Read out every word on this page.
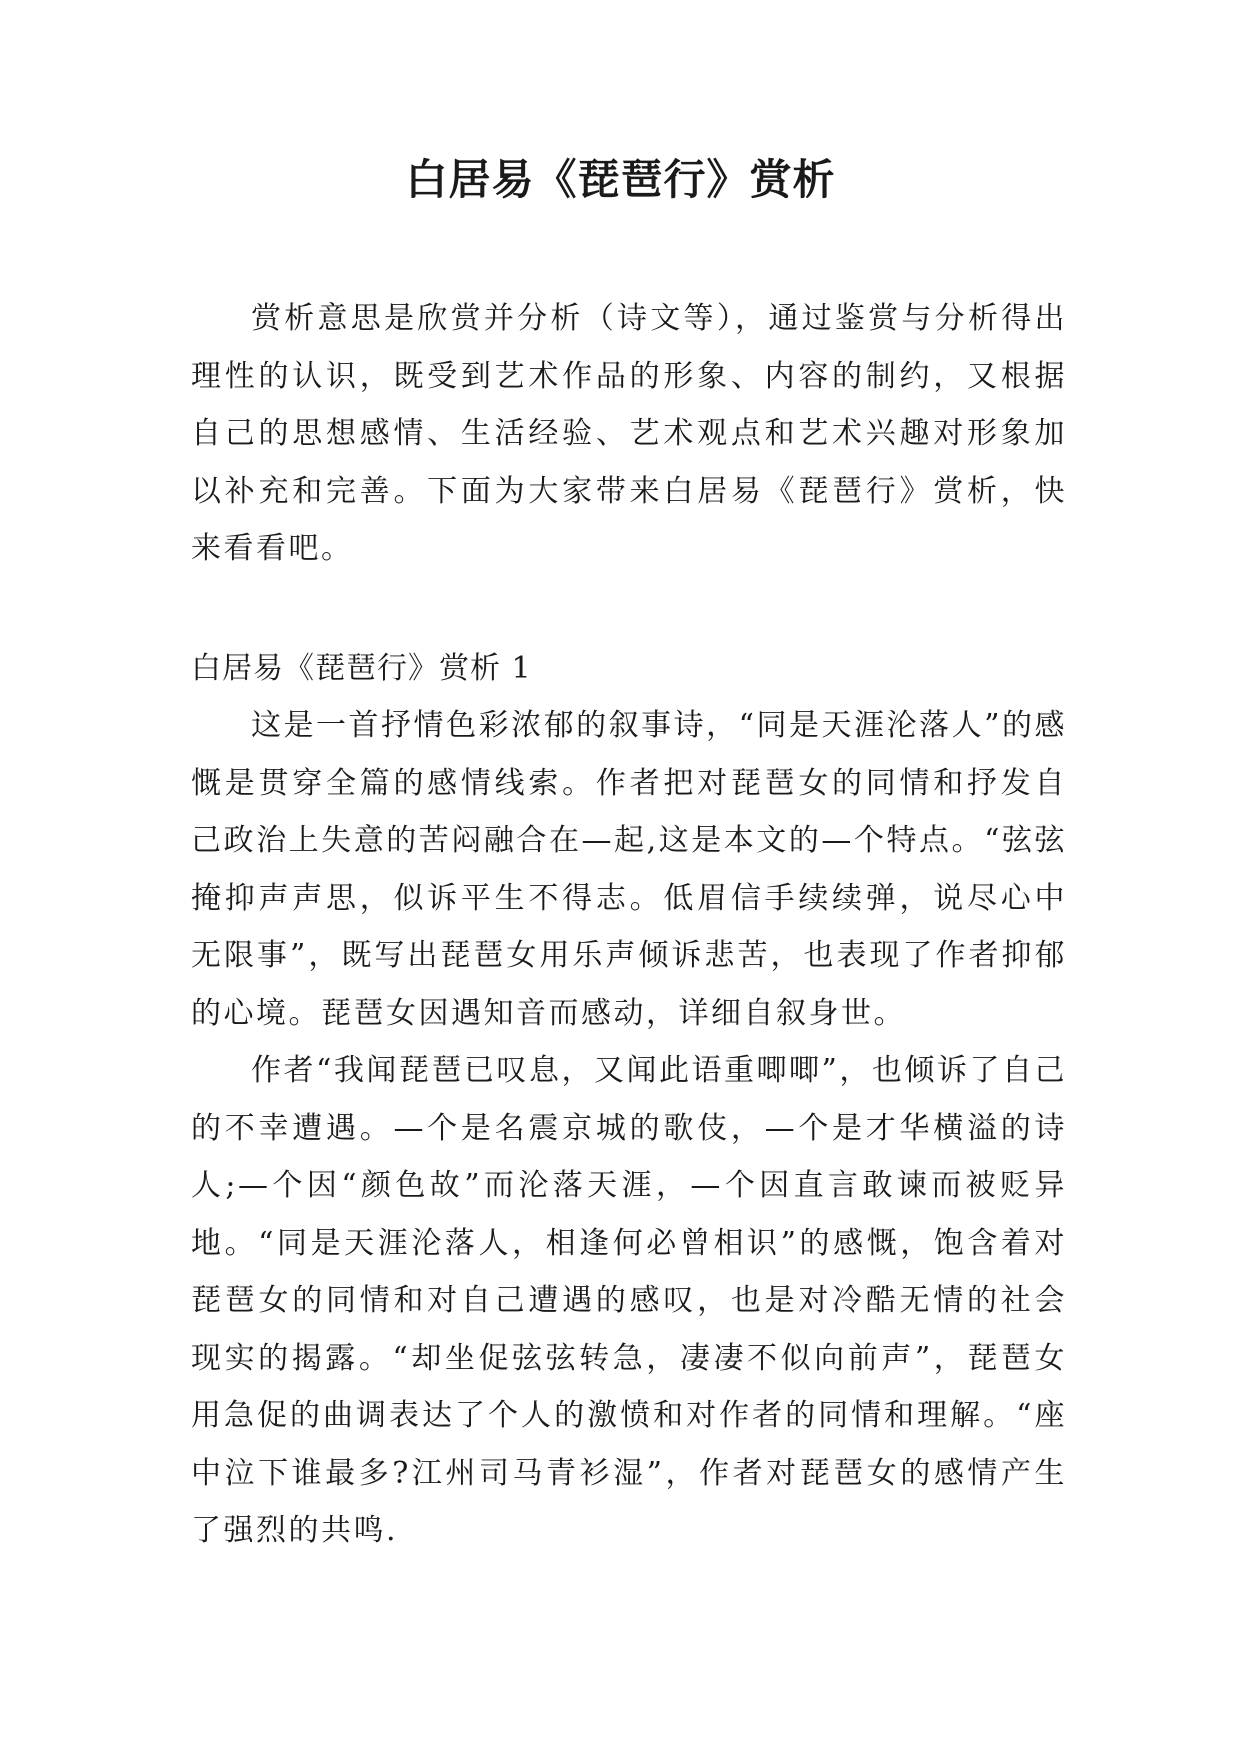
白居易《琵琶行》赏析

赏析意思是欣赏并分析（诗文等），通过鉴赏与分析得出理性的认识，既受到艺术作品的形象、内容的制约，又根据自己的思想感情、生活经验、艺术观点和艺术兴趣对形象加以补充和完善。下面为大家带来白居易《琵琶行》赏析，快来看看吧。

白居易《琵琶行》赏析 1

这是一首抒情色彩浓郁的叙事诗，“同是天涯沦落人”的感慨是贯穿全篇的感情线索。作者把对琵琶女的同情和抒发自己政治上失意的苦闷融合在—起,这是本文的—个特点。“弦弦掩抑声声思，似诉平生不得志。低眉信手续续弹，说尽心中无限事”，既写出琵琶女用乐声倾诉悲苦，也表现了作者抑郁的心境。琵琶女因遇知音而感动，详细自叙身世。

作者“我闻琵琶已叹息，又闻此语重唧唧”，也倾诉了自己的不幸遭遇。—个是名震京城的歌伎，—个是才华横溢的诗人;—个因“颜色故”而沦落天涯，—个因直言敢谏而被贬异地。“同是天涯沦落人，相逢何必曾相识”的感慨，饱含着对琵琶女的同情和对自己遭遇的感叹，也是对冷酷无情的社会现实的揭露。“却坐促弦弦转急，凄凄不似向前声”，琵琶女用急促的曲调表达了个人的激愤和对作者的同情和理解。“座中泣下谁最多?江州司马青衫湿”，作者对琵琶女的感情产生了强烈的共鸣.
